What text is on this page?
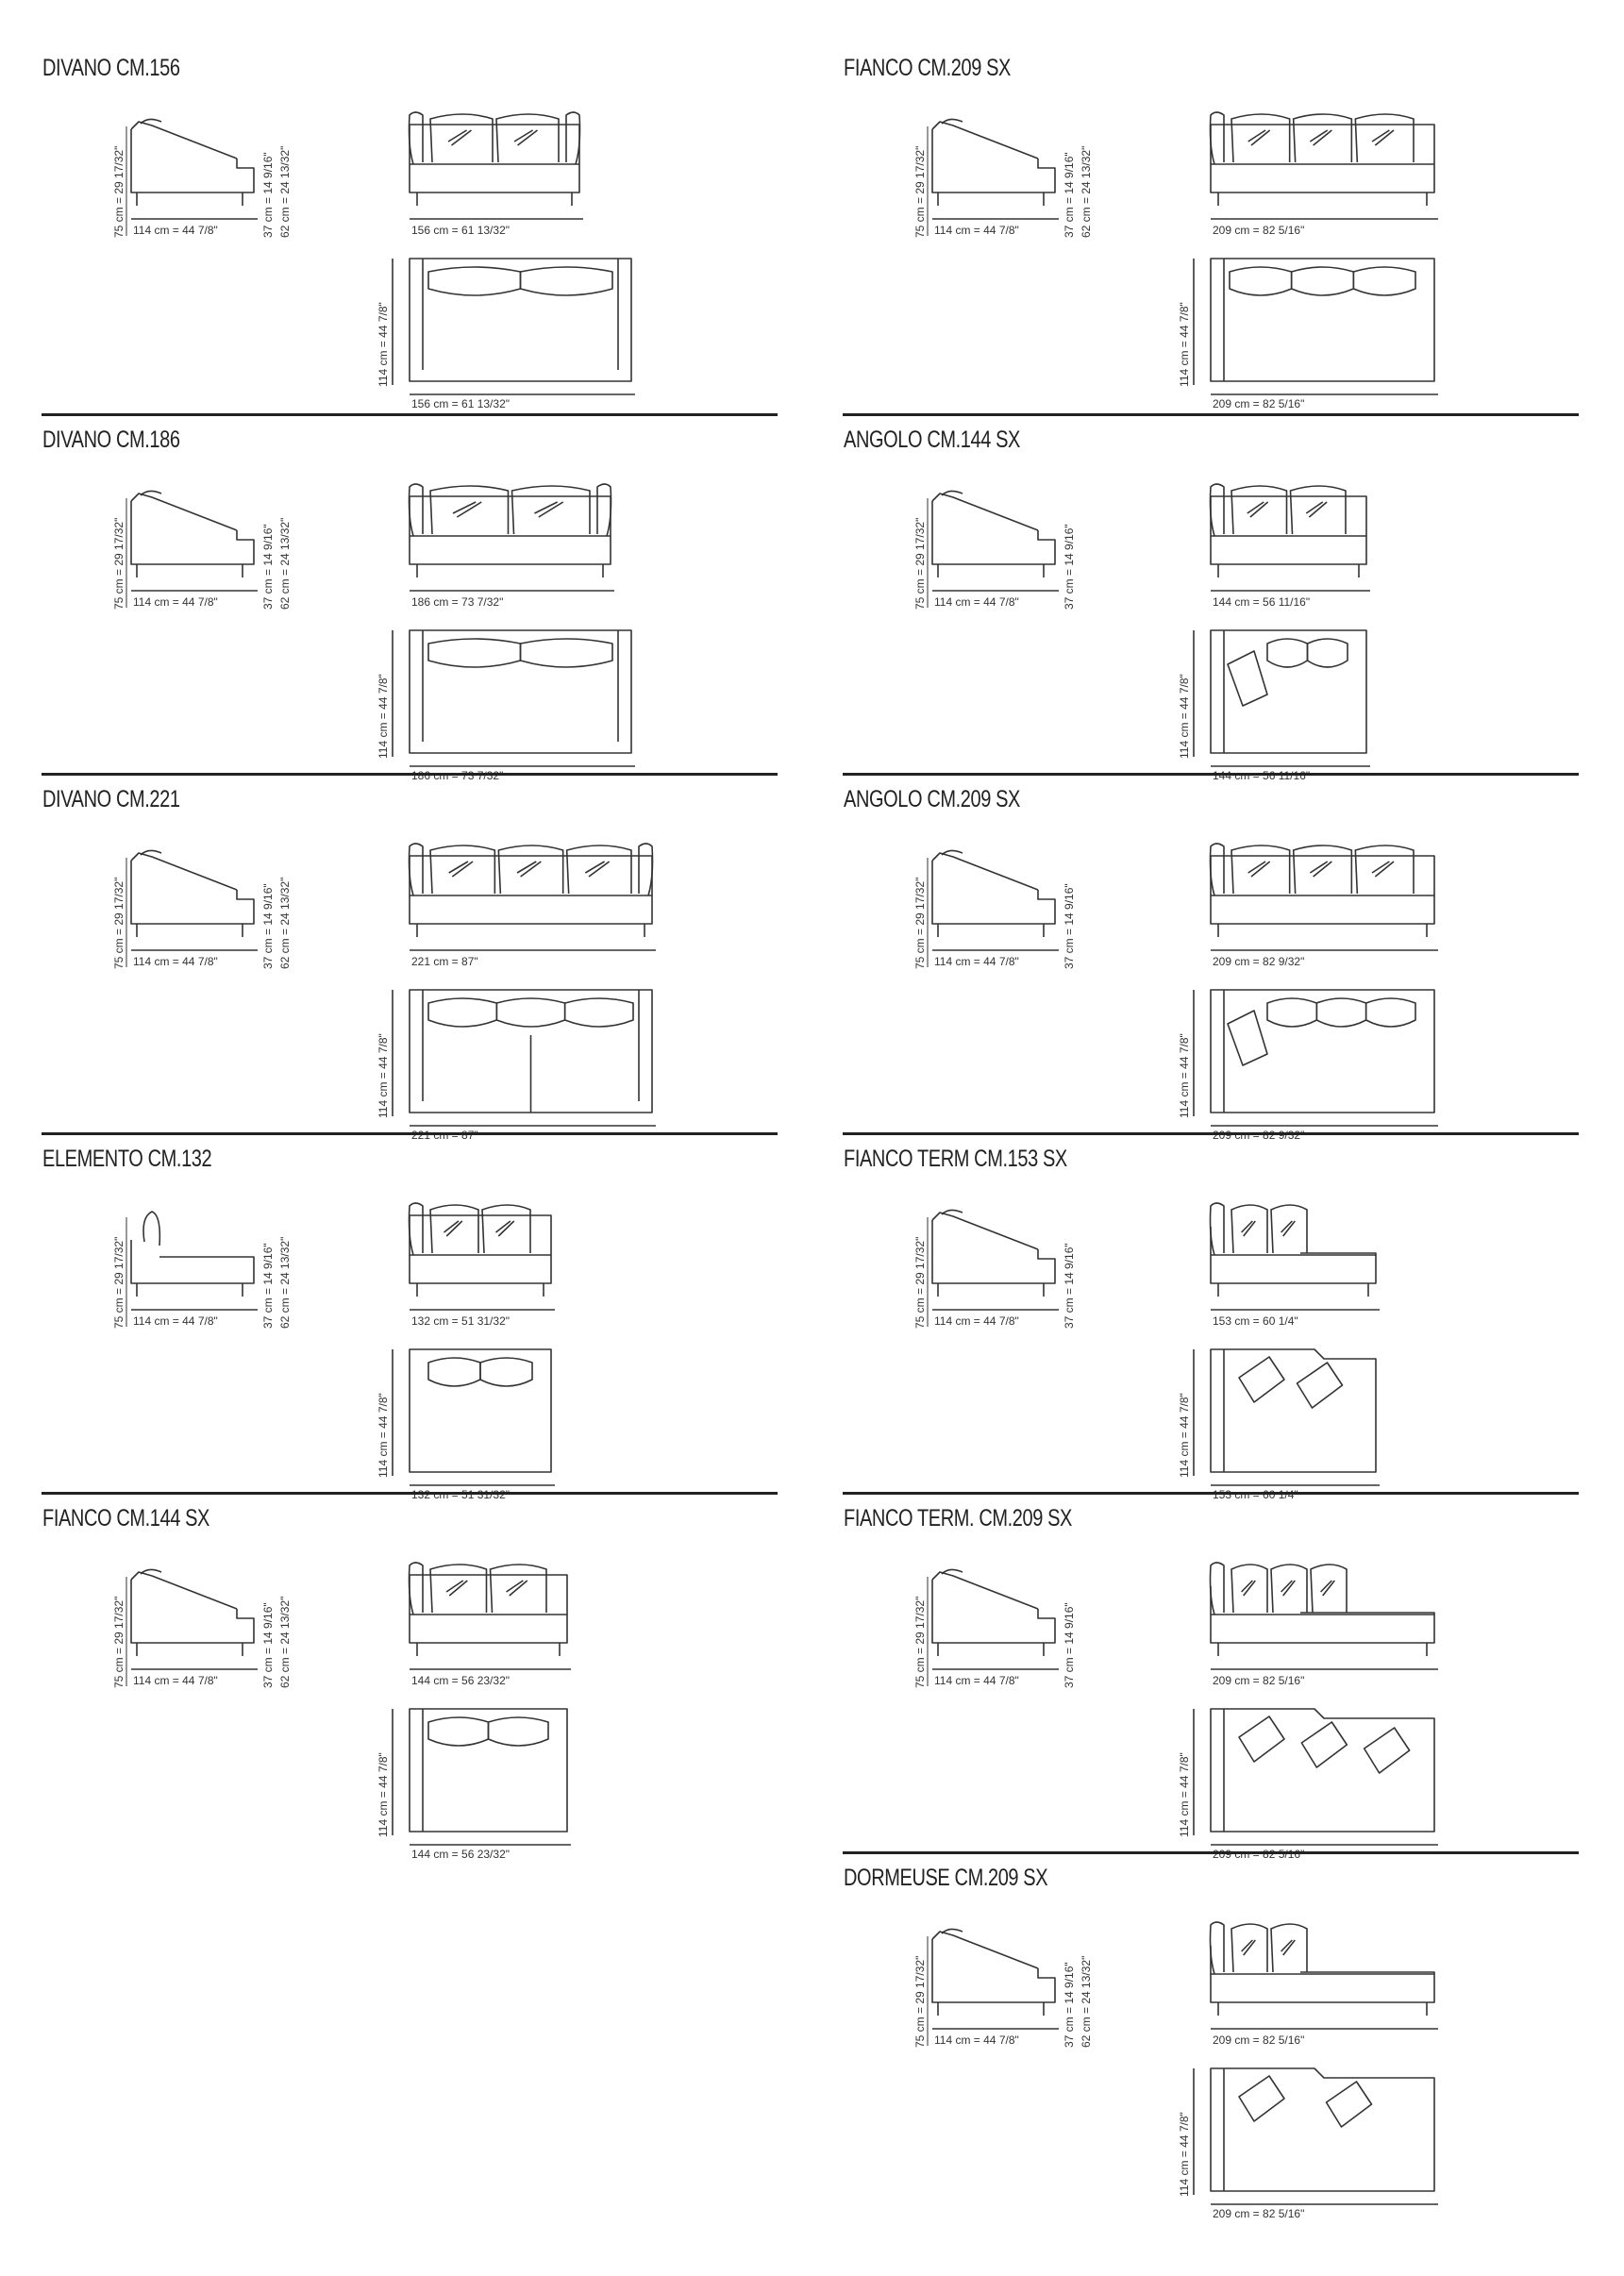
DIVANO CM.156
114 cm = 44 7/8"
75 cm = 29 17/32"	37 cm = 14 9/16" 62 cm = 24 13/32"	156 cm = 61 13/32"
156 cm = 61 13/32"
114 cm = 44 7/8"
DIVANO CM.186
114 cm = 44 7/8"
75 cm = 29 17/32"	37 cm = 14 9/16" 62 cm = 24 13/32"	186 cm = 73 7/32"
186 cm = 73 7/32"
114 cm = 44 7/8"
DIVANO CM.221
114 cm = 44 7/8"
75 cm = 29 17/32"	37 cm = 14 9/16" 62 cm = 24 13/32"	221 cm = 87"
221 cm = 87"
114 cm = 44 7/8"
ELEMENTO CM.132
114 cm = 44 7/8"
75 cm = 29 17/32"	37 cm = 14 9/16" 62 cm = 24 13/32"	132 cm = 51 31/32"
132 cm = 51 31/32"
114 cm = 44 7/8"
FIANCO CM.144 SX
114 cm = 44 7/8"
75 cm = 29 17/32"	37 cm = 14 9/16" 62 cm = 24 13/32"	144 cm = 56 23/32"
144 cm = 56 23/32"
114 cm = 44 7/8"
FIANCO CM.209 SX
114 cm = 44 7/8"
75 cm = 29 17/32"	37 cm = 14 9/16" 62 cm = 24 13/32"	209 cm = 82 5/16"
209 cm = 82 5/16"
114 cm = 44 7/8"
ANGOLO CM.144 SX
114 cm = 44 7/8"
75 cm = 29 17/32"	37 cm = 14 9/16"	144 cm = 56 11/16"
144 cm = 56 11/16"
114 cm = 44 7/8"
ANGOLO CM.209 SX
114 cm = 44 7/8"
75 cm = 29 17/32"	37 cm = 14 9/16"	209 cm = 82 9/32"
209 cm = 82 9/32"
114 cm = 44 7/8"
FIANCO TERM CM.153 SX
114 cm = 44 7/8"
75 cm = 29 17/32"	37 cm = 14 9/16"	153 cm = 60 1/4"
153 cm = 60 1/4"
114 cm = 44 7/8"
FIANCO TERM. CM.209 SX
114 cm = 44 7/8"
75 cm = 29 17/32"	37 cm = 14 9/16"	209 cm = 82 5/16"
209 cm = 82 5/16"
114 cm = 44 7/8"
DORMEUSE CM.209 SX
114 cm = 44 7/8"
75 cm = 29 17/32"	37 cm = 14 9/16" 62 cm = 24 13/32"	209 cm = 82 5/16"
209 cm = 82 5/16"
114 cm = 44 7/8"
